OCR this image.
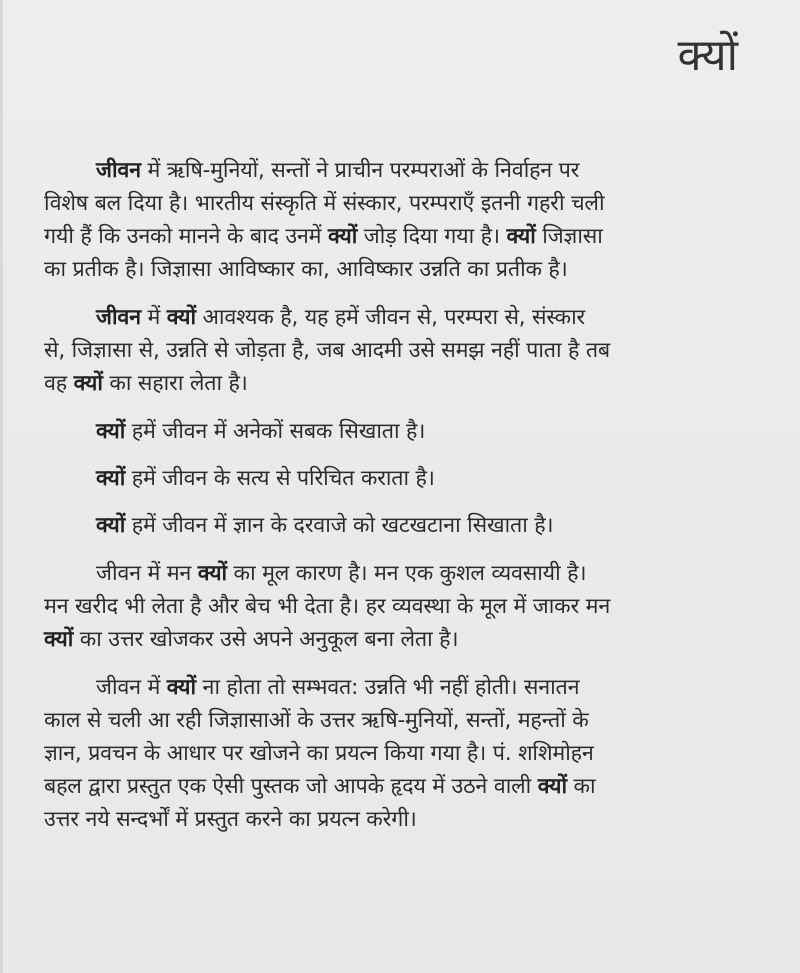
क्यों
जीवन में ऋषि-मुनियों, सन्तों ने प्राचीन परम्पराओं के निर्वाहन पर
विशेष बल दिया है। भारतीय संस्कृति में संस्कार, परम्पराएँ इतनी गहरी चली
गयी हैं कि उनको मानने के बाद उनमें क्यों जोड़ दिया गया है। क्यों जिज्ञासा
का प्रतीक है। जिज्ञासा आविष्कार का, आविष्कार उन्नति का प्रतीक है।
जीवन में क्यों आवश्यक है, यह हमें जीवन से, परम्परा से, संस्कार
से, जिज्ञासा से, उन्नति से जोड़ता है, जब आदमी उसे समझ नहीं पाता है तब
वह क्यों का सहारा लेता है।
क्यों हमें जीवन में अनेकों सबक सिखाता है।
क्यों हमें जीवन के सत्य से परिचित कराता है।
क्यों हमें जीवन में ज्ञान के दरवाजे को खटखटाना सिखाता है।
जीवन में मन क्यों का मूल कारण है। मन एक कुशल व्यवसायी है।
मन खरीद भी लेता है और बेच भी देता है। हर व्यवस्था के मूल में जाकर मन
क्यों का उत्तर खोजकर उसे अपने अनुकूल बना लेता है।
जीवन में क्यों ना होता तो सम्भवत: उन्नति भी नहीं होती। सनातन
काल से चली आ रही जिज्ञासाओं के उत्तर ऋषि-मुनियों, सन्तों, महन्तों के
ज्ञान, प्रवचन के आधार पर खोजने का प्रयत्न किया गया है। पं. शशिमोहन
बहल द्वारा प्रस्तुत एक ऐसी पुस्तक जो आपके हृदय में उठने वाली क्यों का
उत्तर नये सन्दर्भों में प्रस्तुत करने का प्रयत्न करेगी।
